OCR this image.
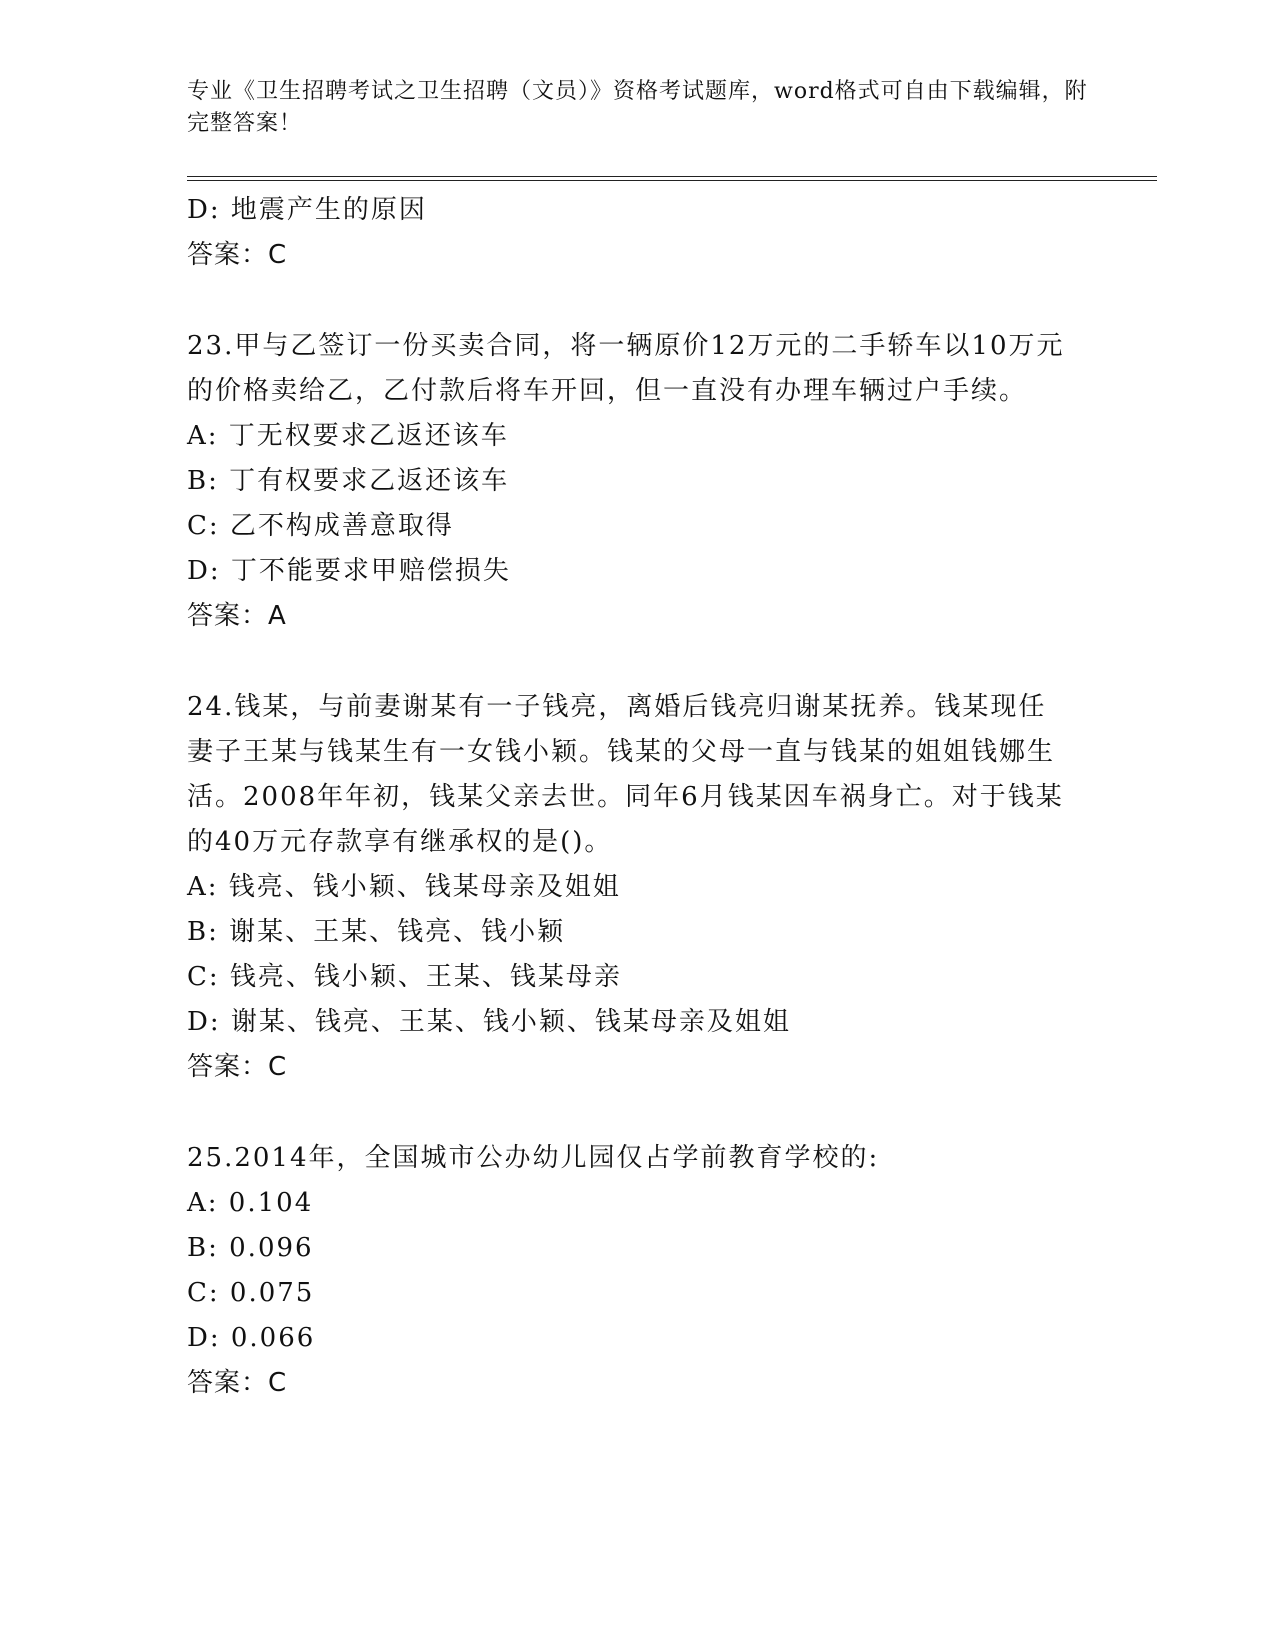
专业《卫生招聘考试之卫生招聘（文员）》资格考试题库，word格式可自由下载编辑，附完整答案！
D: 地震产生的原因
答案：C
23.甲与乙签订一份买卖合同，将一辆原价12万元的二手轿车以10万元的价格卖给乙，乙付款后将车开回，但一直没有办理车辆过户手续。
A: 丁无权要求乙返还该车
B: 丁有权要求乙返还该车
C: 乙不构成善意取得
D: 丁不能要求甲赔偿损失
答案：A
24.钱某，与前妻谢某有一子钱亮，离婚后钱亮归谢某抚养。钱某现任妻子王某与钱某生有一女钱小颖。钱某的父母一直与钱某的姐姐钱娜生活。2008年年初，钱某父亲去世。同年6月钱某因车祸身亡。对于钱某的40万元存款享有继承权的是()。
A: 钱亮、钱小颖、钱某母亲及姐姐
B: 谢某、王某、钱亮、钱小颖
C: 钱亮、钱小颖、王某、钱某母亲
D: 谢某、钱亮、王某、钱小颖、钱某母亲及姐姐
答案：C
25.2014年，全国城市公办幼儿园仅占学前教育学校的:
A: 0.104
B: 0.096
C: 0.075
D: 0.066
答案：C
